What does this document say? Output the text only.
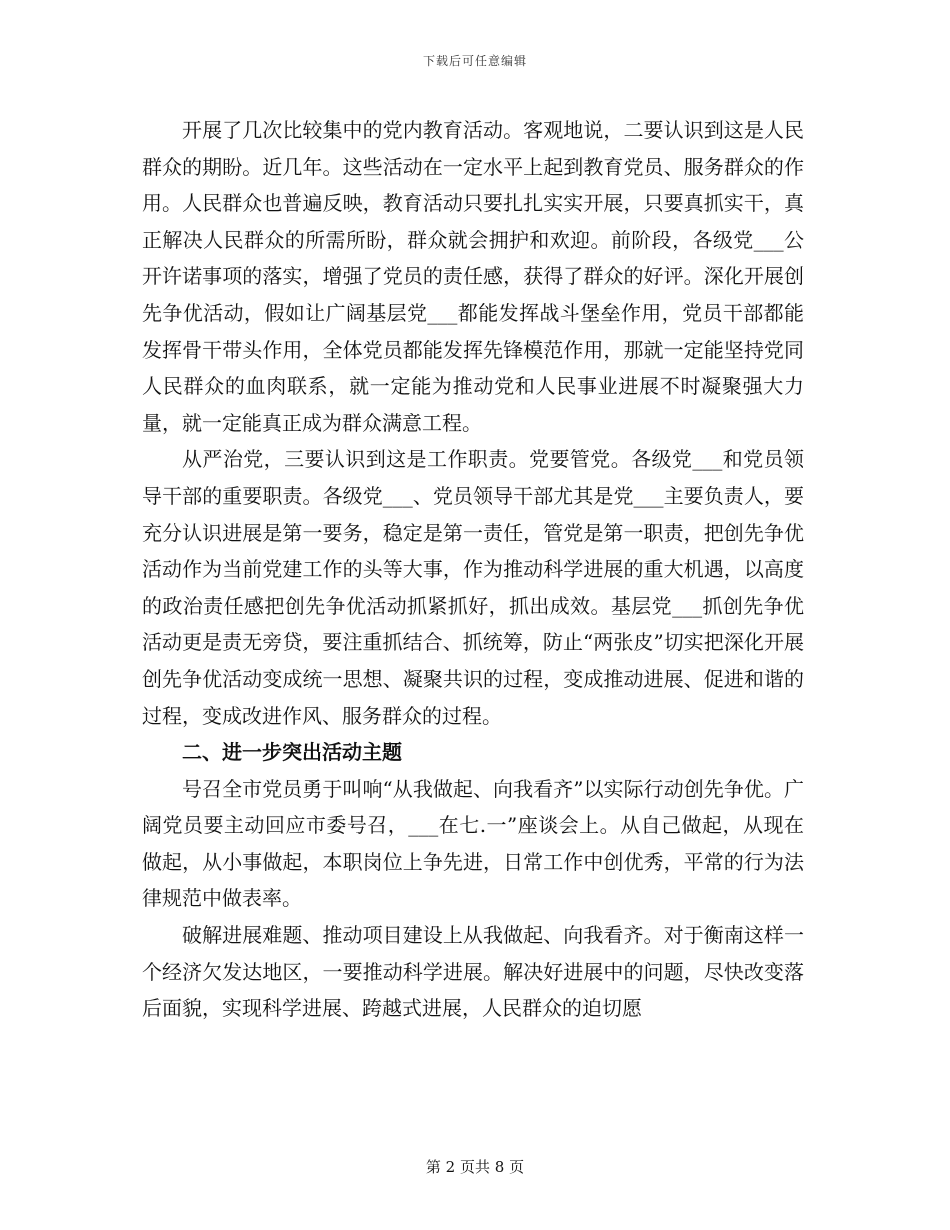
下载后可任意编辑

开展了几次比较集中的党内教育活动。客观地说，二要认识到这是人民群众的期盼。近几年。这些活动在一定水平上起到教育党员、服务群众的作用。人民群众也普遍反映，教育活动只要扎扎实实开展，只要真抓实干，真正解决人民群众的所需所盼，群众就会拥护和欢迎。前阶段，各级党___公开许诺事项的落实，增强了党员的责任感，获得了群众的好评。深化开展创先争优活动，假如让广阔基层党___都能发挥战斗堡垒作用，党员干部都能发挥骨干带头作用，全体党员都能发挥先锋模范作用，那就一定能坚持党同人民群众的血肉联系，就一定能为推动党和人民事业进展不时凝聚强大力量，就一定能真正成为群众满意工程。

从严治党，三要认识到这是工作职责。党要管党。各级党___和党员领导干部的重要职责。各级党___、党员领导干部尤其是党___主要负责人，要充分认识进展是第一要务，稳定是第一责任，管党是第一职责，把创先争优活动作为当前党建工作的头等大事，作为推动科学进展的重大机遇，以高度的政治责任感把创先争优活动抓紧抓好，抓出成效。基层党___抓创先争优活动更是责无旁贷，要注重抓结合、抓统筹，防止“两张皮”切实把深化开展创先争优活动变成统一思想、凝聚共识的过程，变成推动进展、促进和谐的过程，变成改进作风、服务群众的过程。

二、进一步突出活动主题

号召全市党员勇于叫响“从我做起、向我看齐”以实际行动创先争优。广阔党员要主动回应市委号召，___在七.一”座谈会上。从自己做起，从现在做起，从小事做起，本职岗位上争先进，日常工作中创优秀，平常的行为法律规范中做表率。

破解进展难题、推动项目建设上从我做起、向我看齐。对于衡南这样一个经济欠发达地区，一要推动科学进展。解决好进展中的问题，尽快改变落后面貌，实现科学进展、跨越式进展，人民群众的迫切愿

第 2 页共 8 页
